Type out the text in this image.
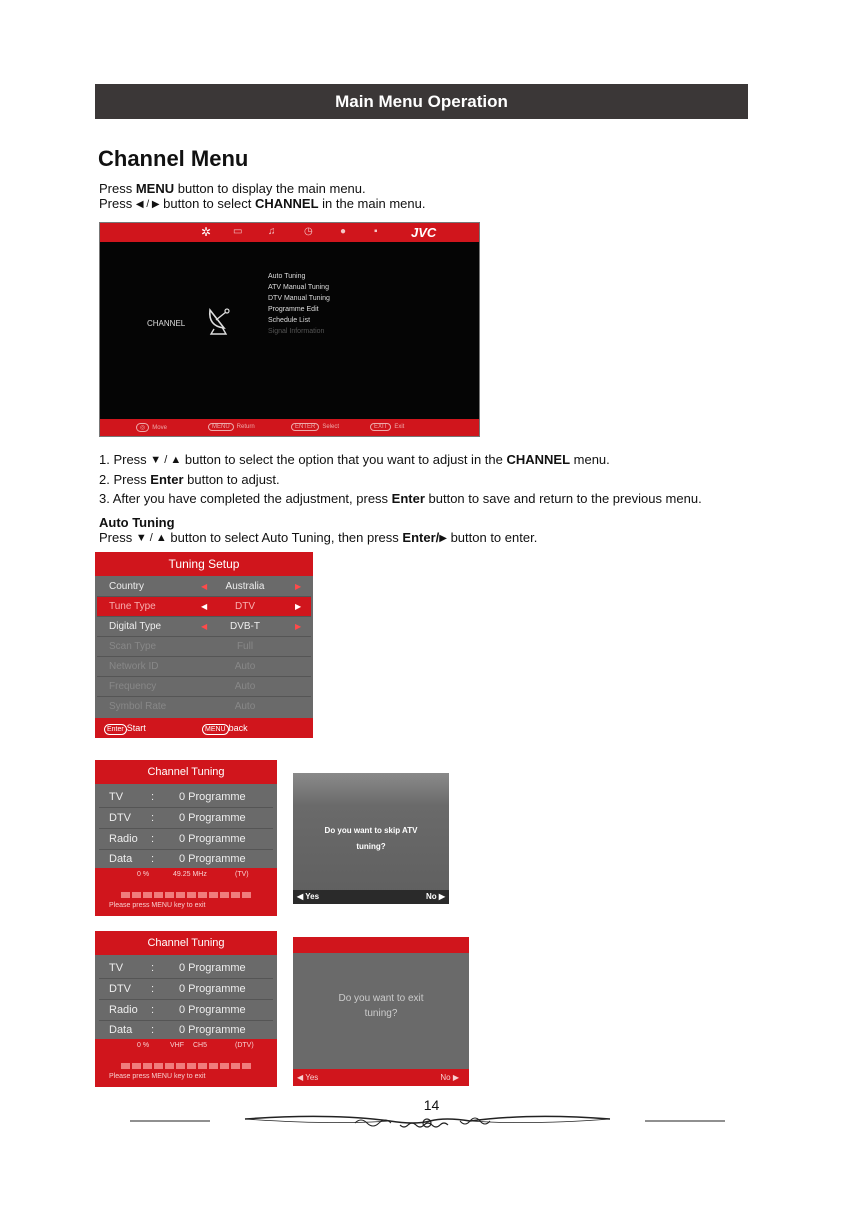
Main Menu Operation
Channel Menu
Press MENU button to display the main menu.
Press ◀ / ▶ button to select CHANNEL in the main menu.
✲ ▭	♫	◷	●	▪	JVC
CHANNEL
Auto Tuning
ATV Manual Tuning
DTV Manual Tuning
Programme Edit
Schedule List
Signal Information
◎ Move	MENU Return	ENTER Select	EXIT Exit
1. Press ▼ / ▲ button to select the option that you want to adjust in the CHANNEL menu.
2. Press Enter button to adjust.
3. After you have completed the adjustment, press Enter button to save and return to the previous menu.
Auto Tuning
Press ▼ / ▲ button to select Auto Tuning, then press Enter/▶ button to enter.
Tuning Setup
Country	◀	Australia	▶
Tune Type	◀	DTV	▶
Digital Type	◀	DVB-T	▶
Scan Type	Full
Network ID	Auto
Frequency	Auto
Symbol Rate	Auto
Enter Start	MENU back
Channel Tuning
TV	: 0 Programme
DTV : 0 Programme
Radio : 0 Programme
Data : 0 Programme
0 %	49.25 MHz	(TV)
Please press MENU key to exit
Do you want to skip ATV
tuning?
◀ Yes	No ▶
Channel Tuning
TV	: 0 Programme
DTV : 0 Programme
Radio : 0 Programme
Data : 0 Programme
0 %	VHF CH5	(DTV)
Please press MENU key to exit
Do you want to exit
tuning?
◀ Yes	No ▶
14
